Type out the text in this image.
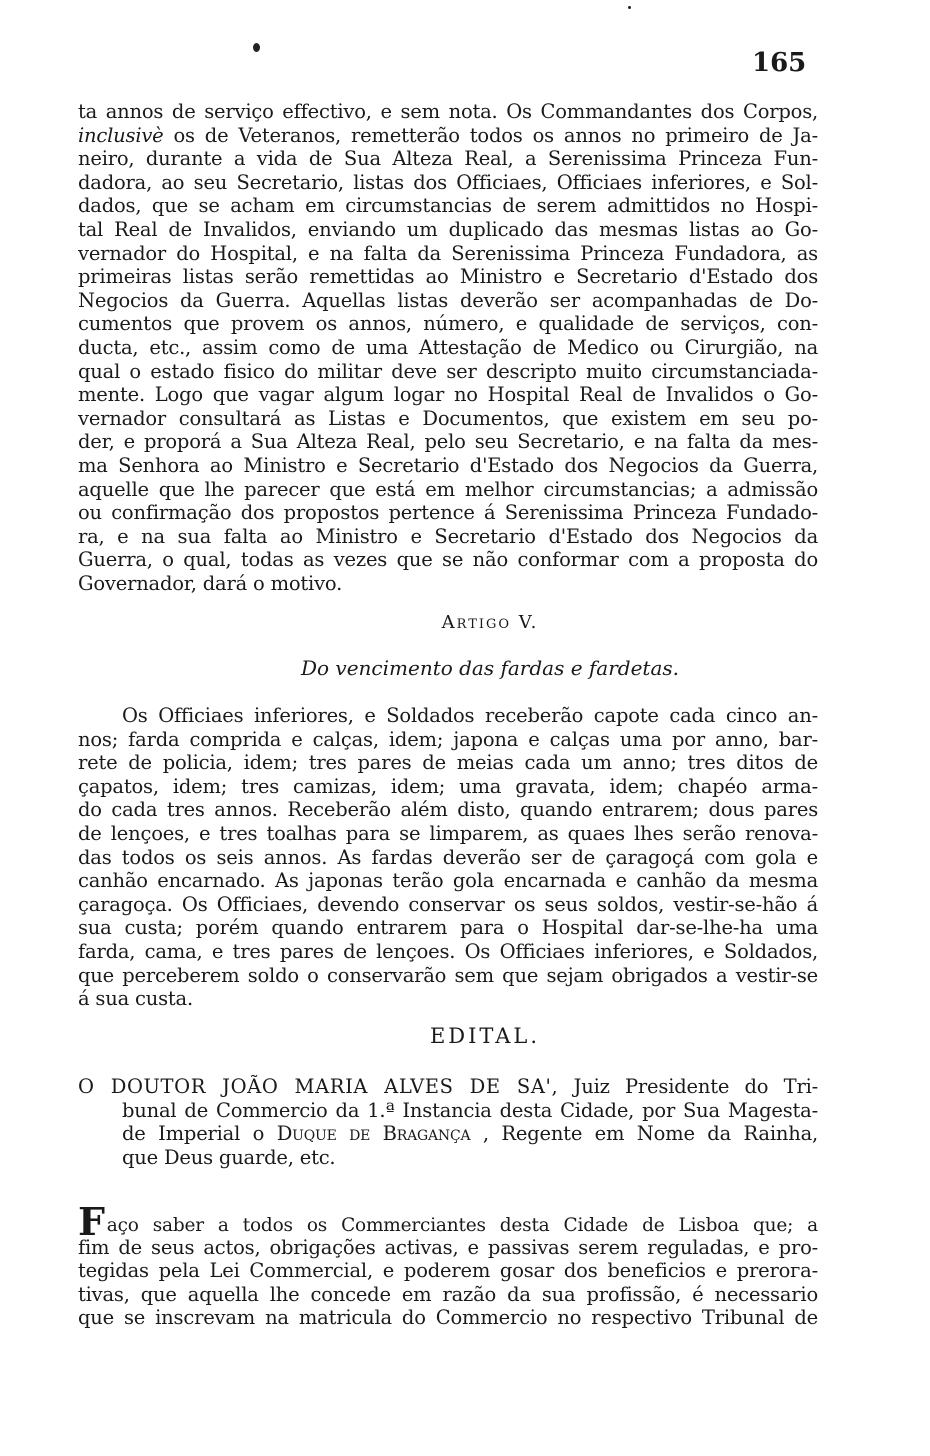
165
ta annos de serviço effectivo, e sem nota. Os Commandantes dos Corpos,
inclusivè os de Veteranos, remetterão todos os annos no primeiro de Ja-
neiro, durante a vida de Sua Alteza Real, a Serenissima Princeza Fun-
dadora, ao seu Secretario, listas dos Officiaes, Officiaes inferiores, e Sol-
dados, que se acham em circumstancias de serem admittidos no Hospi-
tal Real de Invalidos, enviando um duplicado das mesmas listas ao Go-
vernador do Hospital, e na falta da Serenissima Princeza Fundadora, as
primeiras listas serão remettidas ao Ministro e Secretario d'Estado dos
Negocios da Guerra. Aquellas listas deverão ser acompanhadas de Do-
cumentos que provem os annos, número, e qualidade de serviços, con-
ducta, etc., assim como de uma Attestação de Medico ou Cirurgião, na
qual o estado fisico do militar deve ser descripto muito circumstanciada-
mente. Logo que vagar algum logar no Hospital Real de Invalidos o Go-
vernador consultará as Listas e Documentos, que existem em seu po-
der, e proporá a Sua Alteza Real, pelo seu Secretario, e na falta da mes-
ma Senhora ao Ministro e Secretario d'Estado dos Negocios da Guerra,
aquelle que lhe parecer que está em melhor circumstancias; a admissão
ou confirmação dos propostos pertence á Serenissima Princeza Fundado-
ra, e na sua falta ao Ministro e Secretario d'Estado dos Negocios da
Guerra, o qual, todas as vezes que se não conformar com a proposta do
Governador, dará o motivo.
Artigo V.
Do vencimento das fardas e fardetas.
Os Officiaes inferiores, e Soldados receberão capote cada cinco an-
nos; farda comprida e calças, idem; japona e calças uma por anno, bar-
rete de policia, idem; tres pares de meias cada um anno; tres ditos de
çapatos, idem; tres camizas, idem; uma gravata, idem; chapéo arma-
do cada tres annos. Receberão além disto, quando entrarem; dous pares
de lençoes, e tres toalhas para se limparem, as quaes lhes serão renova-
das todos os seis annos. As fardas deverão ser de çaragoçá com gola e
canhão encarnado. As japonas terão gola encarnada e canhão da mesma
çaragoça. Os Officiaes, devendo conservar os seus soldos, vestir-se-hão á
sua custa; porém quando entrarem para o Hospital dar-se-lhe-ha uma
farda, cama, e tres pares de lençoes. Os Officiaes inferiores, e Soldados,
que perceberem soldo o conservarão sem que sejam obrigados a vestir-se
á sua custa.
EDITAL.
O DOUTOR JOÃO MARIA ALVES DE SA', Juiz Presidente do Tri-
bunal de Commercio da 1.ª Instancia desta Cidade, por Sua Magesta-
de Imperial o Duque de Bragança , Regente em Nome da Rainha,
que Deus guarde, etc.
Faço saber a todos os Commerciantes desta Cidade de Lisboa que; a
fim de seus actos, obrigações activas, e passivas serem reguladas, e pro-
tegidas pela Lei Commercial, e poderem gosar dos beneficios e prerога-
tivas, que aquella lhe concede em razão da sua profissão, é necessario
que se inscrevam na matricula do Commercio no respectivo Tribunal de
